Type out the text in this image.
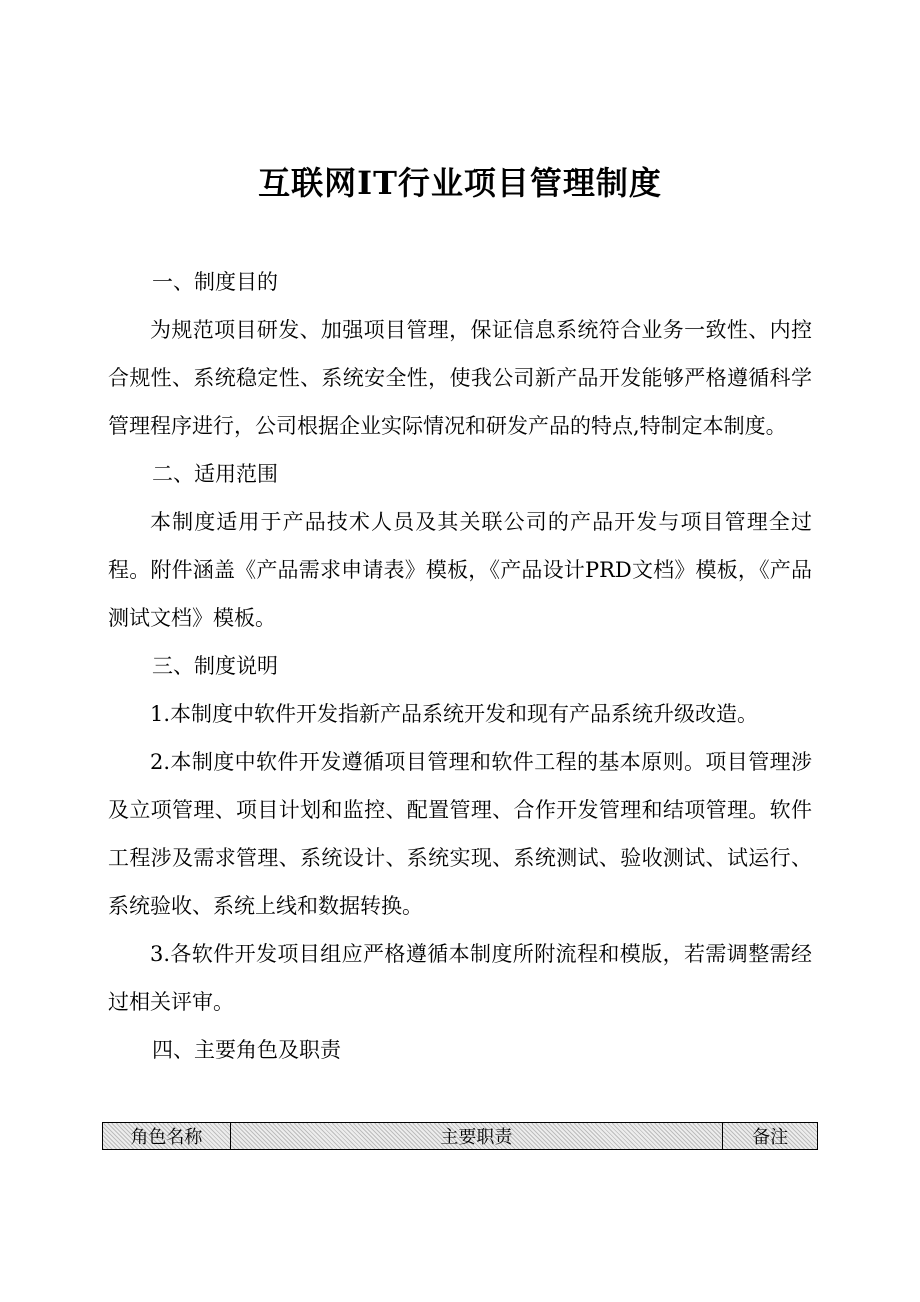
互联网IT行业项目管理制度

一、制度目的

为规范项目研发、加强项目管理，保证信息系统符合业务一致性、内控合规性、系统稳定性、系统安全性，使我公司新产品开发能够严格遵循科学管理程序进行，公司根据企业实际情况和研发产品的特点,特制定本制度。

二、适用范围

本制度适用于产品技术人员及其关联公司的产品开发与项目管理全过程。附件涵盖《产品需求申请表》模板，《产品设计PRD文档》模板，《产品测试文档》模板。

三、制度说明

1.本制度中软件开发指新产品系统开发和现有产品系统升级改造。

2.本制度中软件开发遵循项目管理和软件工程的基本原则。项目管理涉及立项管理、项目计划和监控、配置管理、合作开发管理和结项管理。软件工程涉及需求管理、系统设计、系统实现、系统测试、验收测试、试运行、系统验收、系统上线和数据转换。

3.各软件开发项目组应严格遵循本制度所附流程和模版，若需调整需经过相关评审。

四、主要角色及职责

角色名称	主要职责	备注
